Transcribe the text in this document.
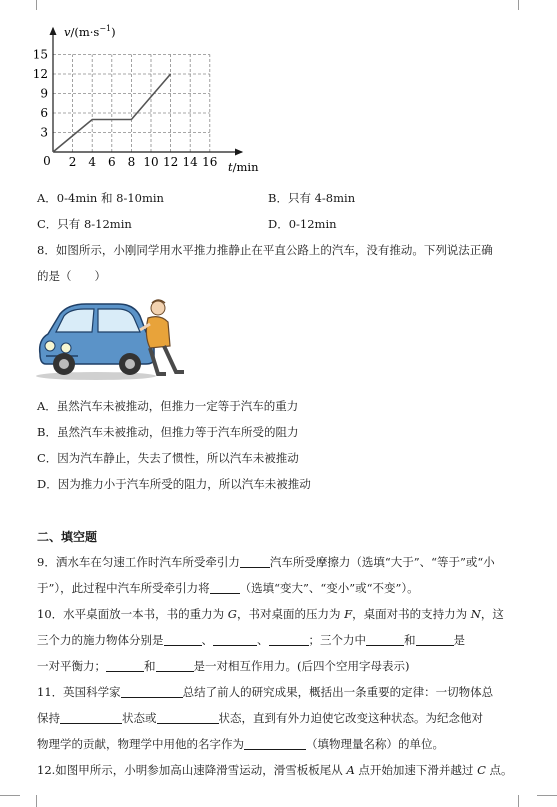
3
6
9
12
15
2 4 6 8 10 12 14 16
0
$v/(m\cdot s^{-1})$
t/min
A．0-4min 和 8-10min	B．只有 4-8min
C．只有 8-12min	D．0-12min
8．如图所示，小刚同学用水平推力推静止在平直公路上的汽车，没有推动。下列说法正确
的是（　　）
A．虽然汽车未被推动，但推力一定等于汽车的重力
B．虽然汽车未被推动，但推力等于汽车所受的阻力
C．因为汽车静止，失去了惯性，所以汽车未被推动
D．因为推力小于汽车所受的阻力，所以汽车未被推动
二、填空题
9．洒水车在匀速工作时汽车所受牵引力	汽车所受摩擦力（选填“大于”、“等于”或“小
于”），此过程中汽车所受牵引力将	（选填“变大”、“变小”或“不变”）。
10．水平桌面放一本书，书的重力为 G，书对桌面的压力为 F，桌面对书的支持力为 N，这
三个力的施力物体分别是	、	、	；三个力中	和	是
一对平衡力；	和	是一对相互作用力。(后四个空用字母表示)
11．英国科学家	总结了前人的研究成果，概括出一条重要的定律：一切物体总
保持	状态或	状态，直到有外力迫使它改变这种状态。为纪念他对
物理学的贡献，物理学中用他的名字作为	（填物理量名称）的单位。
12.如图甲所示，小明参加高山速降滑雪运动，滑雪板板尾从 A 点开始加速下滑并越过 C 点。
